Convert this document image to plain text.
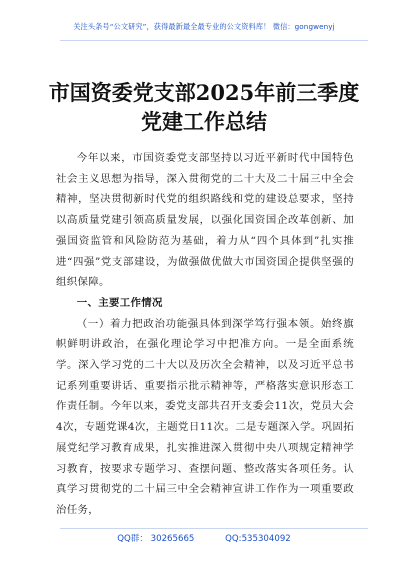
关注头条号“公文研究”，获得最新最全最专业的公文资料库！ 微信：gongwenyj
市国资委党支部2025年前三季度党建工作总结

今年以来，市国资委党支部坚持以习近平新时代中国特色社会主义思想为指导，深入贯彻党的二十大及二十届三中全会精神，坚决贯彻新时代党的组织路线和党的建设总要求，坚持以高质量党建引领高质量发展，以强化国资国企改革创新、加强国资监管和风险防范为基础，着力从“四个具体到”扎实推进“四强”党支部建设，为做强做优做大市国资国企提供坚强的组织保障。

一、主要工作情况

（一）着力把政治功能强具体到深学笃行强本领。始终旗帜鲜明讲政治，在强化理论学习中把准方向。一是全面系统学。深入学习党的二十大以及历次全会精神，以及习近平总书记系列重要讲话、重要指示批示精神等，严格落实意识形态工作责任制。今年以来，委党支部共召开支委会11次，党员大会4次，专题党课4次，主题党日11次。二是专题深入学。巩固拓展党纪学习教育成果，扎实推进深入贯彻中央八项规定精神学习教育，按要求专题学习、查摆问题、整改落实各项任务。认真学习贯彻党的二十届三中全会精神宣讲工作作为一项重要政治任务，

QQ群： 30265665	QQ:535304092
